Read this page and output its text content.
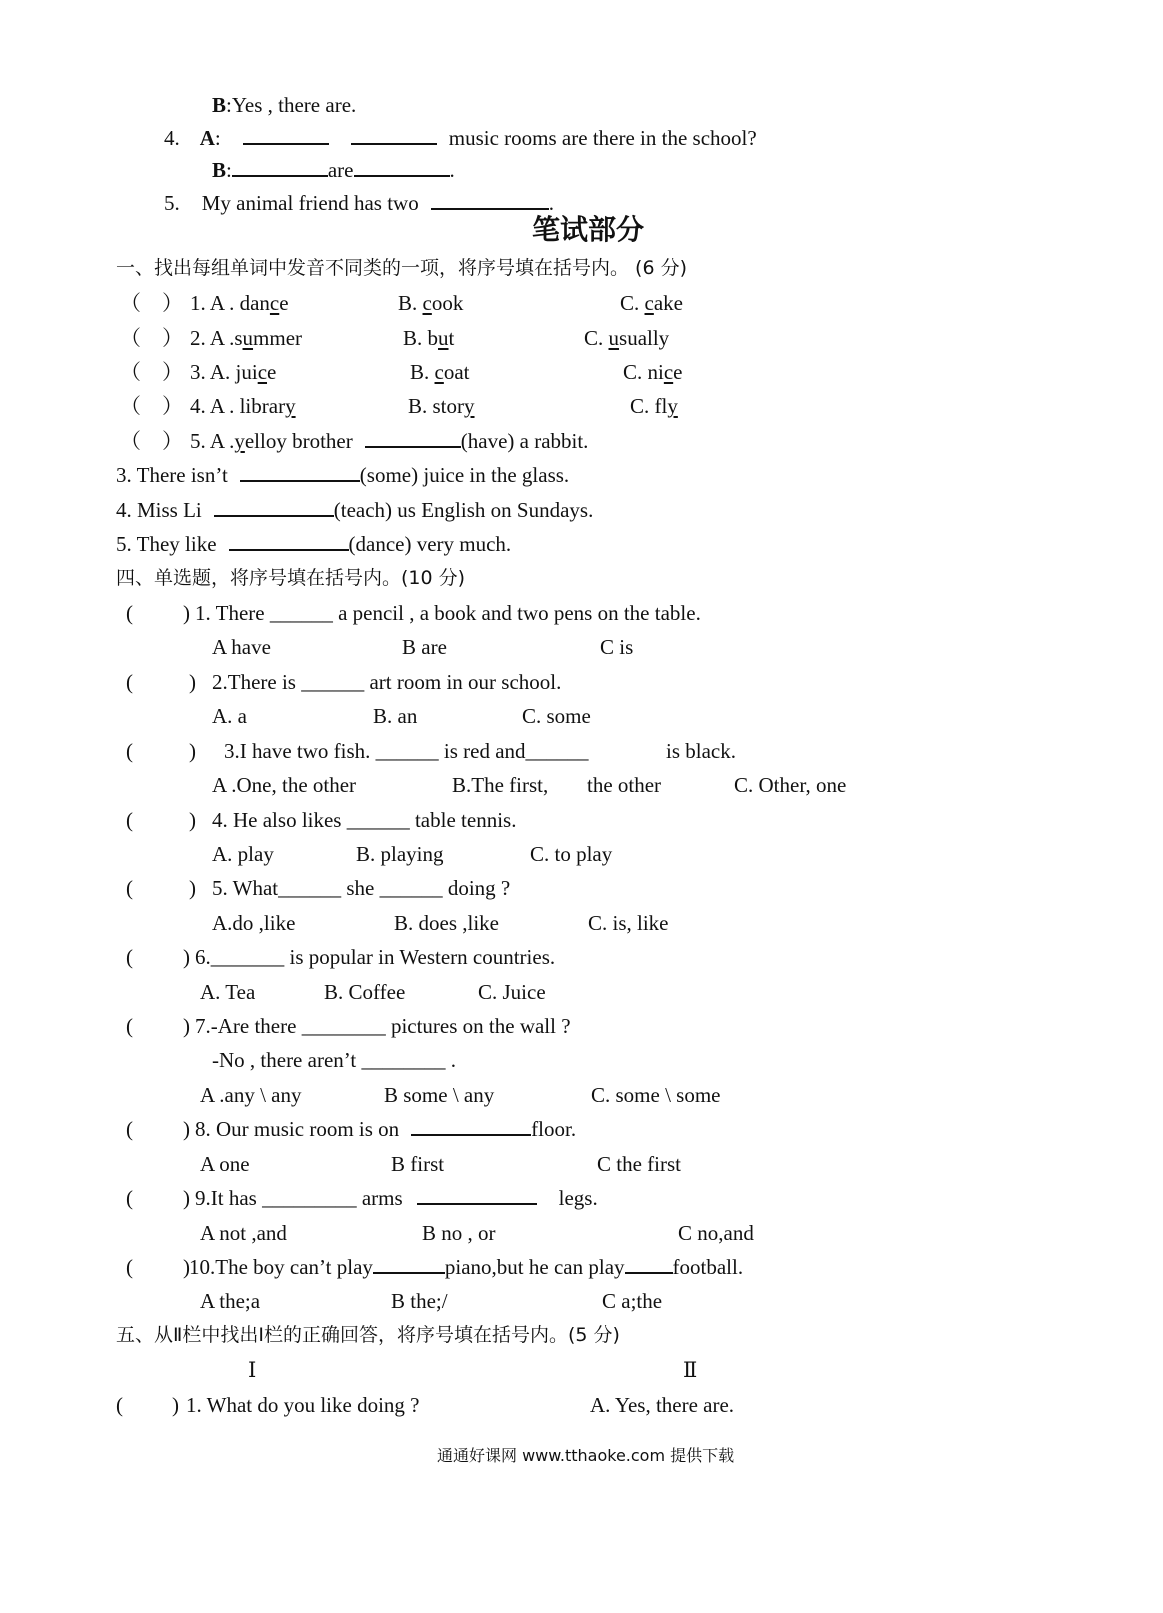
B:Yes , there are.
4. A:	music rooms are there in the school?
B:	are	.
5. My animal friend has two	.
笔试部分
一、找出每组单词中发音不同类的一项，将序号填在括号内。 (6 分)
（　） 1. A . dance	B. cook	C. cake
（　） 2. A .summer	B. but	C. usually
（　） 3. A. juice	B. coat	C. nice
（　） 4. A . library	B. story	C. fly
（　） 5. A .yelloy brother	(have) a rabbit.
3. There isn’t	(some) juice in the glass.
4. Miss Li	(teach) us English on Sundays.
5. They like	(dance) very much.
四、单选题，将序号填在括号内。(10 分)
( ) 1. There ______ a pencil , a book and two pens on the table.
A have	B are	C is
(	) 2.There is ______ art room in our school.
A. a	B. an	C. some
(	) 3.I have two fish. ______ is red and______	is black.
A .One, the other	B.The first, the other	C. Other, one
(	) 4. He also likes ______ table tennis.
A. play	B. playing	C. to play
(	) 5. What______ she ______ doing ?
A.do ,like	B. does ,like	C. is, like
( ) 6._______ is popular in Western countries.
A. Tea	B. Coffee	C. Juice
( ) 7.-Are there ________ pictures on the wall ?
-No , there aren’t ________ .
A .any \ any	B some \ any	C. some \ some
( ) 8. Our music room is on	floor.
A one	B first	C the first
( ) 9.It has _________ arms	legs.
A not ,and	B no , or	C no,and
( ) 10.The boy can’t play	piano,but he can play football.
A the;a	B the;/	C a;the
五、从Ⅱ栏中找出Ⅰ栏的正确回答，将序号填在括号内。(5 分)
Ⅰ	Ⅱ
( ) 1. What do you like doing ?	A. Yes, there are.
通通好课网 www.tthaoke.com 提供下载
